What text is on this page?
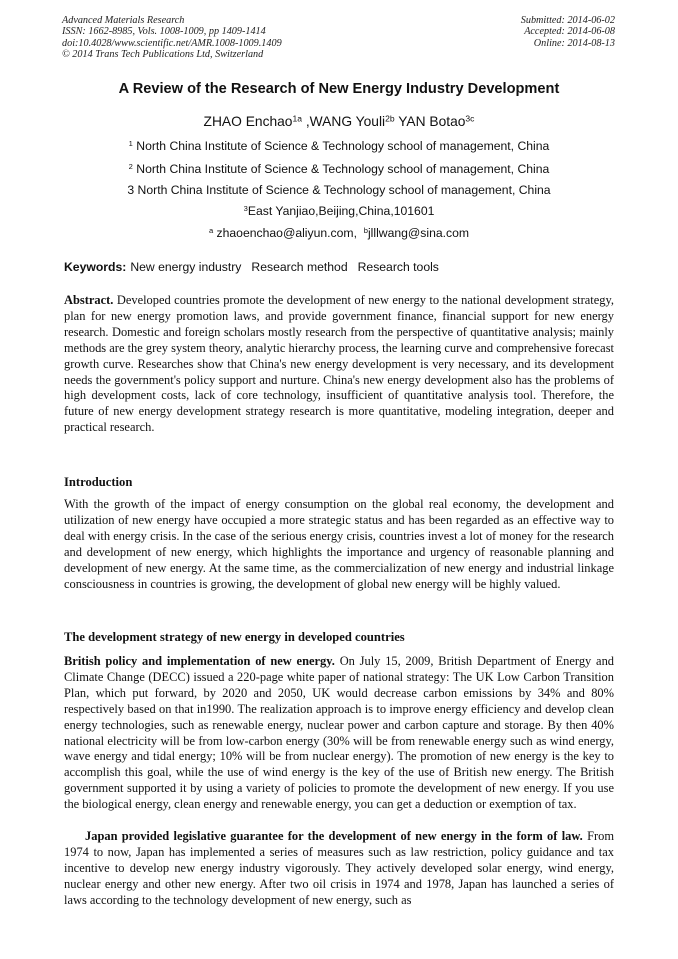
Advanced Materials Research
ISSN: 1662-8985, Vols. 1008-1009, pp 1409-1414
doi:10.4028/www.scientific.net/AMR.1008-1009.1409
© 2014 Trans Tech Publications Ltd, Switzerland
Submitted: 2014-06-02
Accepted: 2014-06-08
Online: 2014-08-13
A Review of the Research of New Energy Industry Development
ZHAO Enchao$^{1a}$ ,WANG Youli$^{2b}$ YAN Botao$^{3c}$
$^1$ North China Institute of Science & Technology school of management, China
$^2$ North China Institute of Science & Technology school of management, China
3 North China Institute of Science & Technology school of management, China
$^3$East Yanjiao,Beijing,China,101601
$^a$ zhaoenchao@aliyun.com, $^b$jlllwang@sina.com
Keywords: New energy industry Research method Research tools
Abstract. Developed countries promote the development of new energy to the national development strategy, plan for new energy promotion laws, and provide government finance, financial support for new energy research. Domestic and foreign scholars mostly research from the perspective of quantitative analysis; mainly methods are the grey system theory, analytic hierarchy process, the learning curve and comprehensive forecast growth curve. Researches show that China's new energy development is very necessary, and its development needs the government's policy support and nurture. China's new energy development also has the problems of high development costs, lack of core technology, insufficient of quantitative analysis tool. Therefore, the future of new energy development strategy research is more quantitative, modeling integration, deeper and practical research.
Introduction
With the growth of the impact of energy consumption on the global real economy, the development and utilization of new energy have occupied a more strategic status and has been regarded as an effective way to deal with energy crisis. In the case of the serious energy crisis, countries invest a lot of money for the research and development of new energy, which highlights the importance and urgency of reasonable planning and development of new energy. At the same time, as the commercialization of new energy and industrial linkage consciousness in countries is growing, the development of global new energy will be highly valued.
The development strategy of new energy in developed countries
British policy and implementation of new energy. On July 15, 2009, British Department of Energy and Climate Change (DECC) issued a 220-page white paper of national strategy: The UK Low Carbon Transition Plan, which put forward, by 2020 and 2050, UK would decrease carbon emissions by 34% and 80% respectively based on that in1990. The realization approach is to improve energy efficiency and develop clean energy technologies, such as renewable energy, nuclear power and carbon capture and storage. By then 40% national electricity will be from low-carbon energy (30% will be from renewable energy such as wind energy, wave energy and tidal energy; 10% will be from nuclear energy). The promotion of new energy is the key to accomplish this goal, while the use of wind energy is the key of the use of British new energy. The British government supported it by using a variety of policies to promote the development of new energy. If you use the biological energy, clean energy and renewable energy, you can get a deduction or exemption of tax.
Japan provided legislative guarantee for the development of new energy in the form of law. From 1974 to now, Japan has implemented a series of measures such as law restriction, policy guidance and tax incentive to develop new energy industry vigorously. They actively developed solar energy, wind energy, nuclear energy and other new energy. After two oil crisis in 1974 and 1978, Japan has launched a series of laws according to the technology development of new energy, such as
